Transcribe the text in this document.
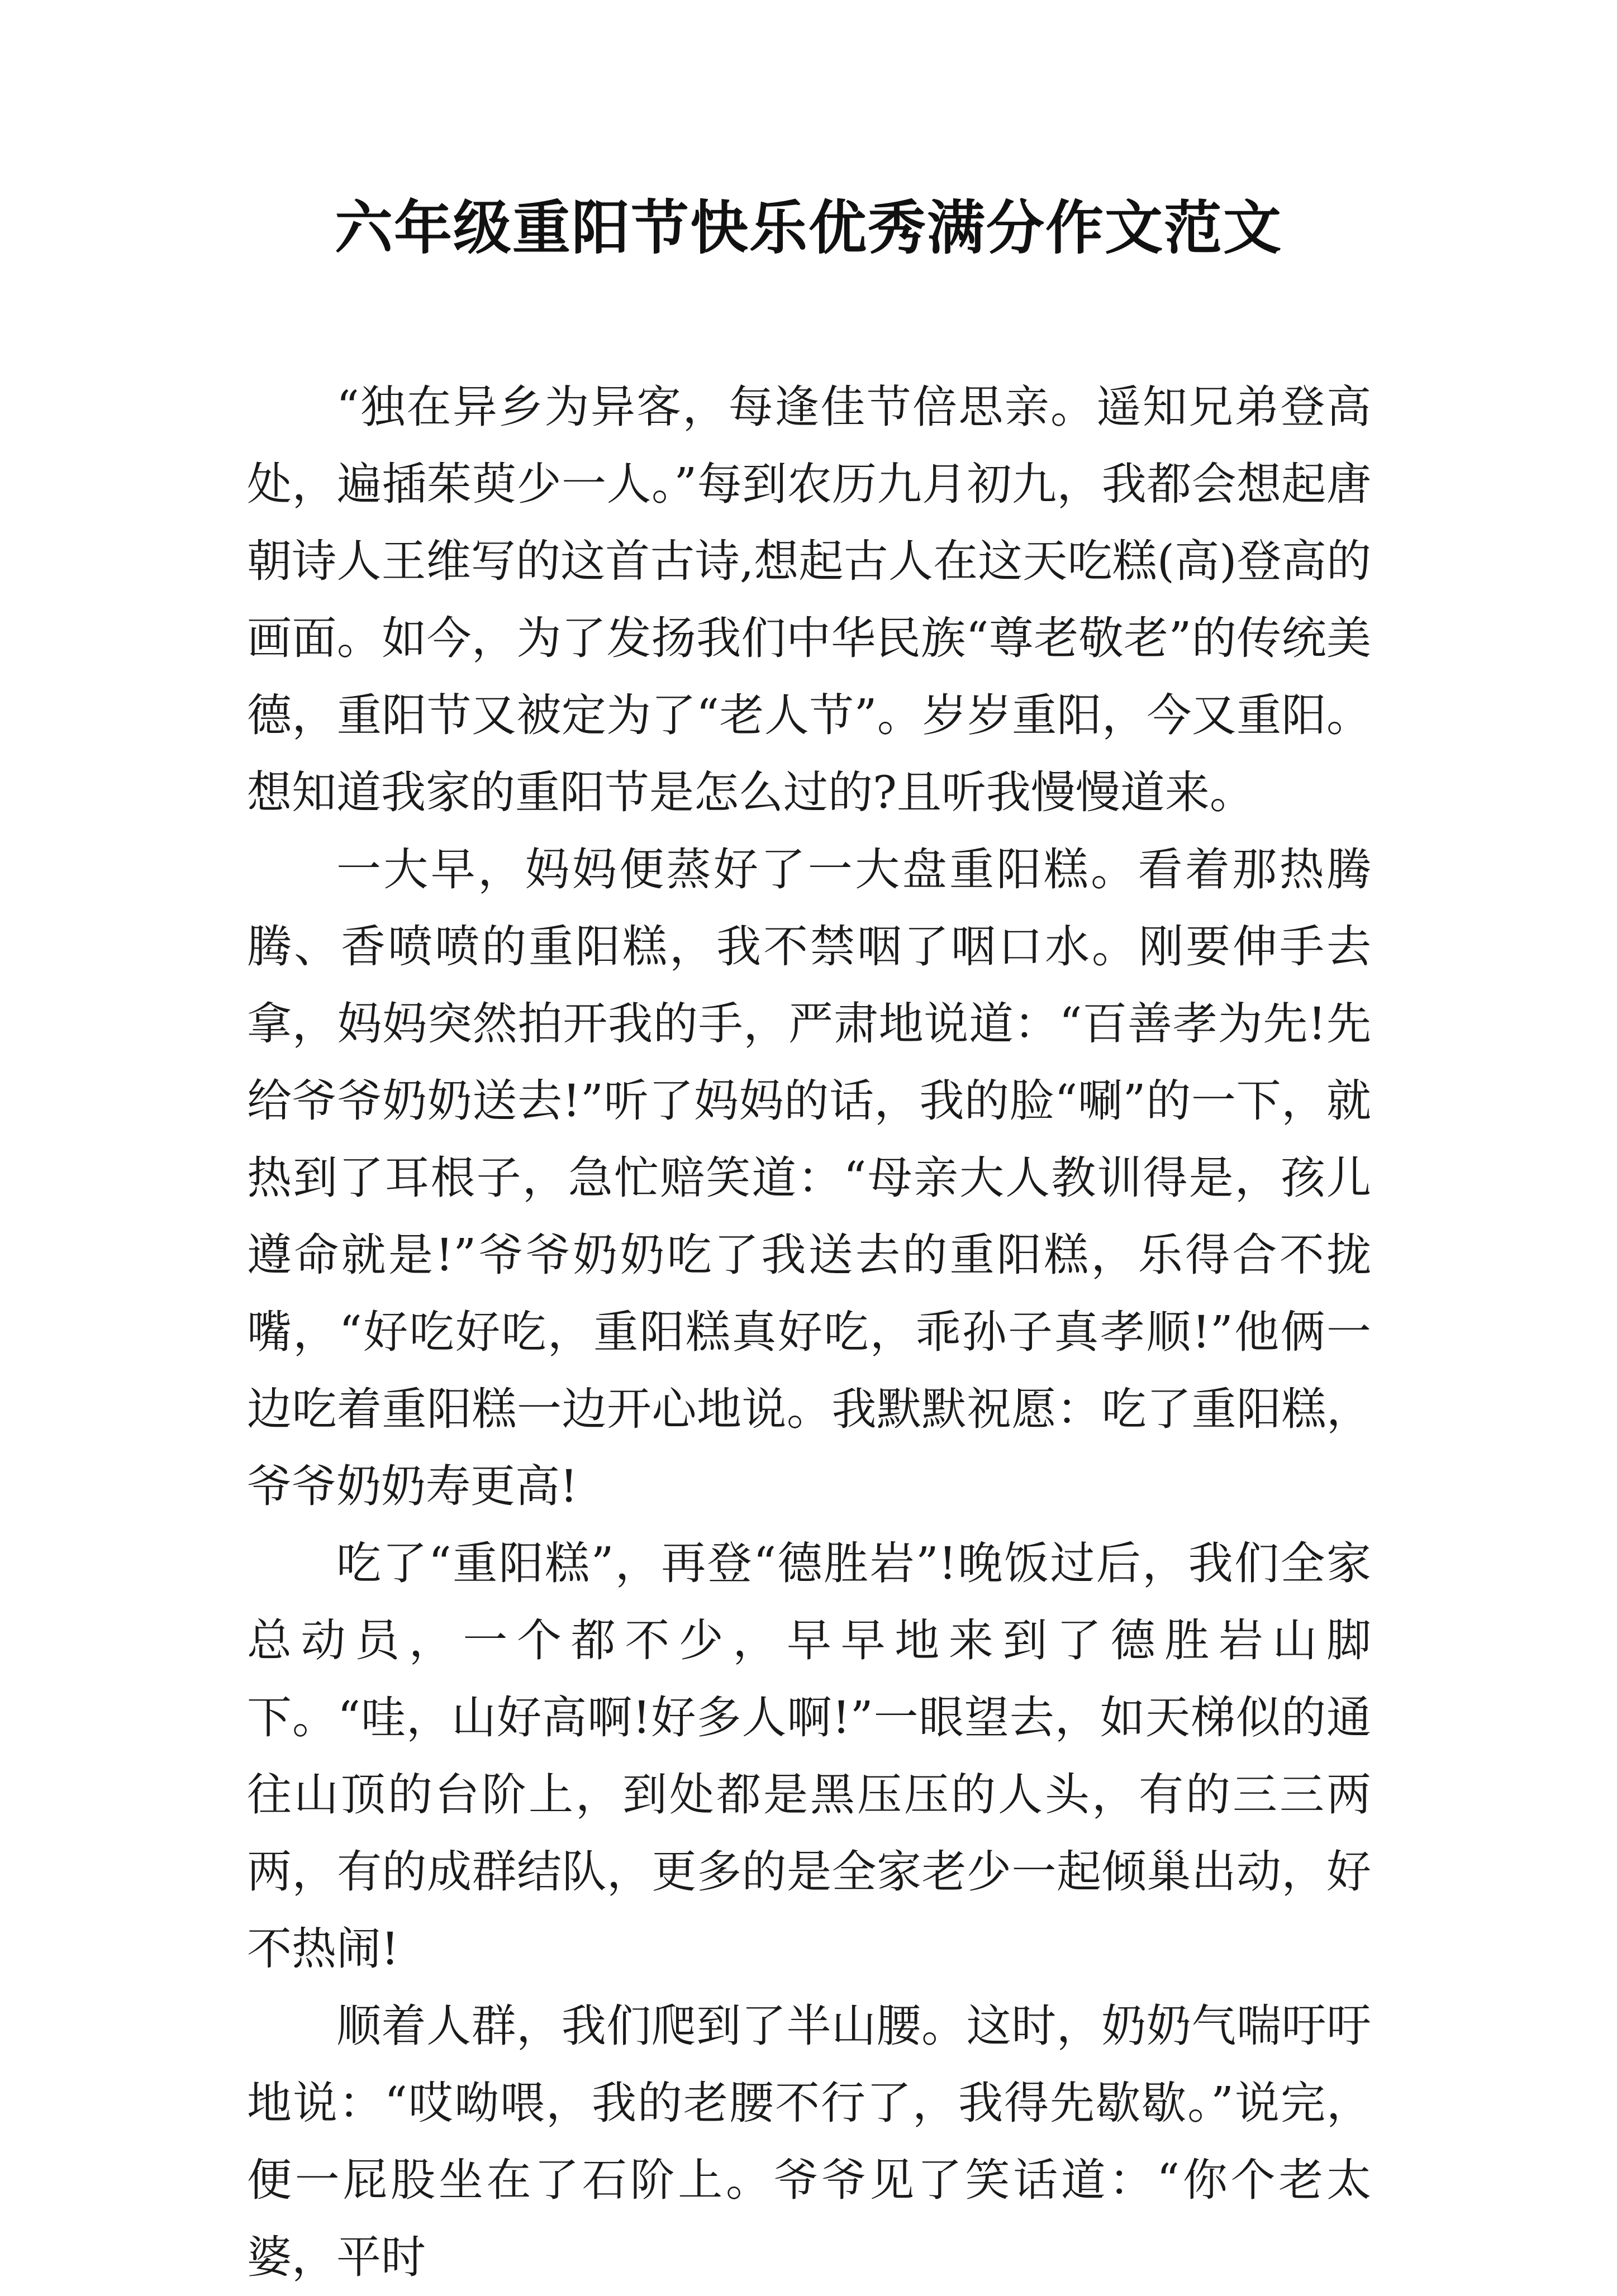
六年级重阳节快乐优秀满分作文范文

“独在异乡为异客，每逢佳节倍思亲。遥知兄弟登高处，遍插茱萸少一人。”每到农历九月初九，我都会想起唐朝诗人王维写的这首古诗,想起古人在这天吃糕(高)登高的画面。如今，为了发扬我们中华民族“尊老敬老”的传统美德，重阳节又被定为了“老人节”。岁岁重阳，今又重阳。想知道我家的重阳节是怎么过的?且听我慢慢道来。

一大早，妈妈便蒸好了一大盘重阳糕。看着那热腾腾、香喷喷的重阳糕，我不禁咽了咽口水。刚要伸手去拿，妈妈突然拍开我的手，严肃地说道：“百善孝为先!先给爷爷奶奶送去!”听了妈妈的话，我的脸“唰”的一下，就热到了耳根子，急忙赔笑道：“母亲大人教训得是，孩儿遵命就是!”爷爷奶奶吃了我送去的重阳糕，乐得合不拢嘴，“好吃好吃，重阳糕真好吃，乖孙子真孝顺!”他俩一边吃着重阳糕一边开心地说。我默默祝愿：吃了重阳糕，爷爷奶奶寿更高!

吃了“重阳糕”，再登“德胜岩”!晚饭过后，我们全家总动员，一个都不少，早早地来到了德胜岩山脚下。“哇，山好高啊!好多人啊!”一眼望去，如天梯似的通往山顶的台阶上，到处都是黑压压的人头，有的三三两两，有的成群结队，更多的是全家老少一起倾巢出动，好不热闹!

顺着人群，我们爬到了半山腰。这时，奶奶气喘吁吁地说：“哎呦喂，我的老腰不行了，我得先歇歇。”说完，便一屁股坐在了石阶上。爷爷见了笑话道：“你个老太婆，平时
